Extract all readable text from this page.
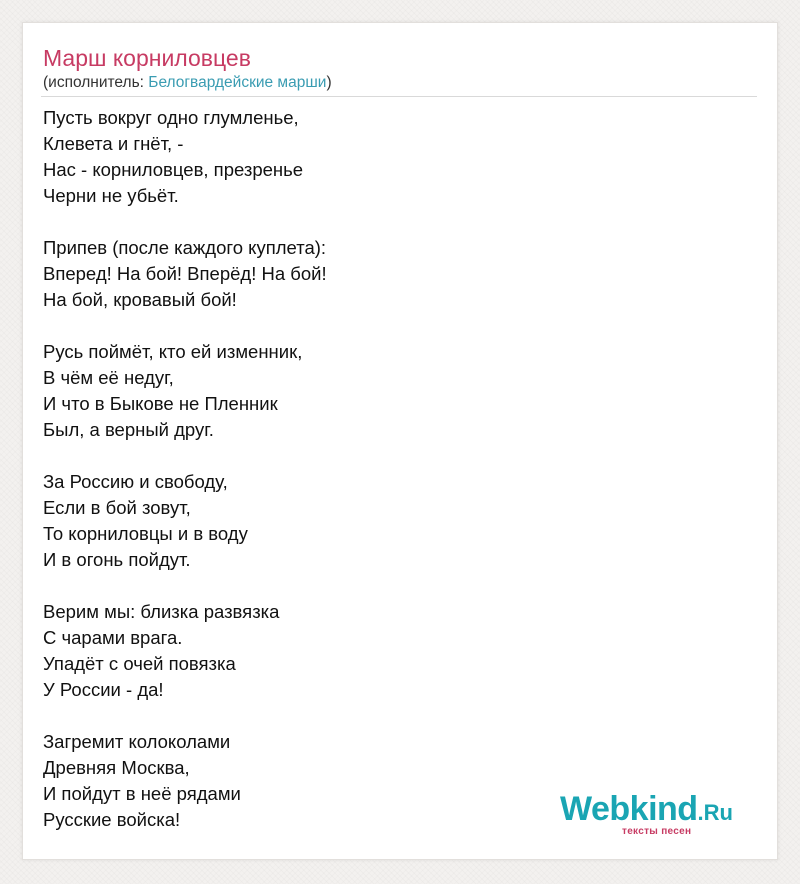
Марш корниловцев
(исполнитель: Белогвардейские марши)
Пусть вокруг одно глумленье,
Клевета и гнёт, -
Нас - корниловцев, презренье
Черни не убьёт.
Припев (после каждого куплета):
Вперед! На бой! Вперёд! На бой!
На бой, кровавый бой!
Русь поймёт, кто ей изменник,
В чём её недуг,
И что в Быкове не Пленник
Был, а верный друг.
За Россию и свободу,
Если в бой зовут,
То корниловцы и в воду
И в огонь пойдут.
Верим мы: близка развязка
С чарами врага.
Упадёт с очей повязка
У России - да!
Загремит колоколами
Древняя Москва,
И пойдут в неё рядами
Русские войска!	Webkind.Ru
тексты песен
